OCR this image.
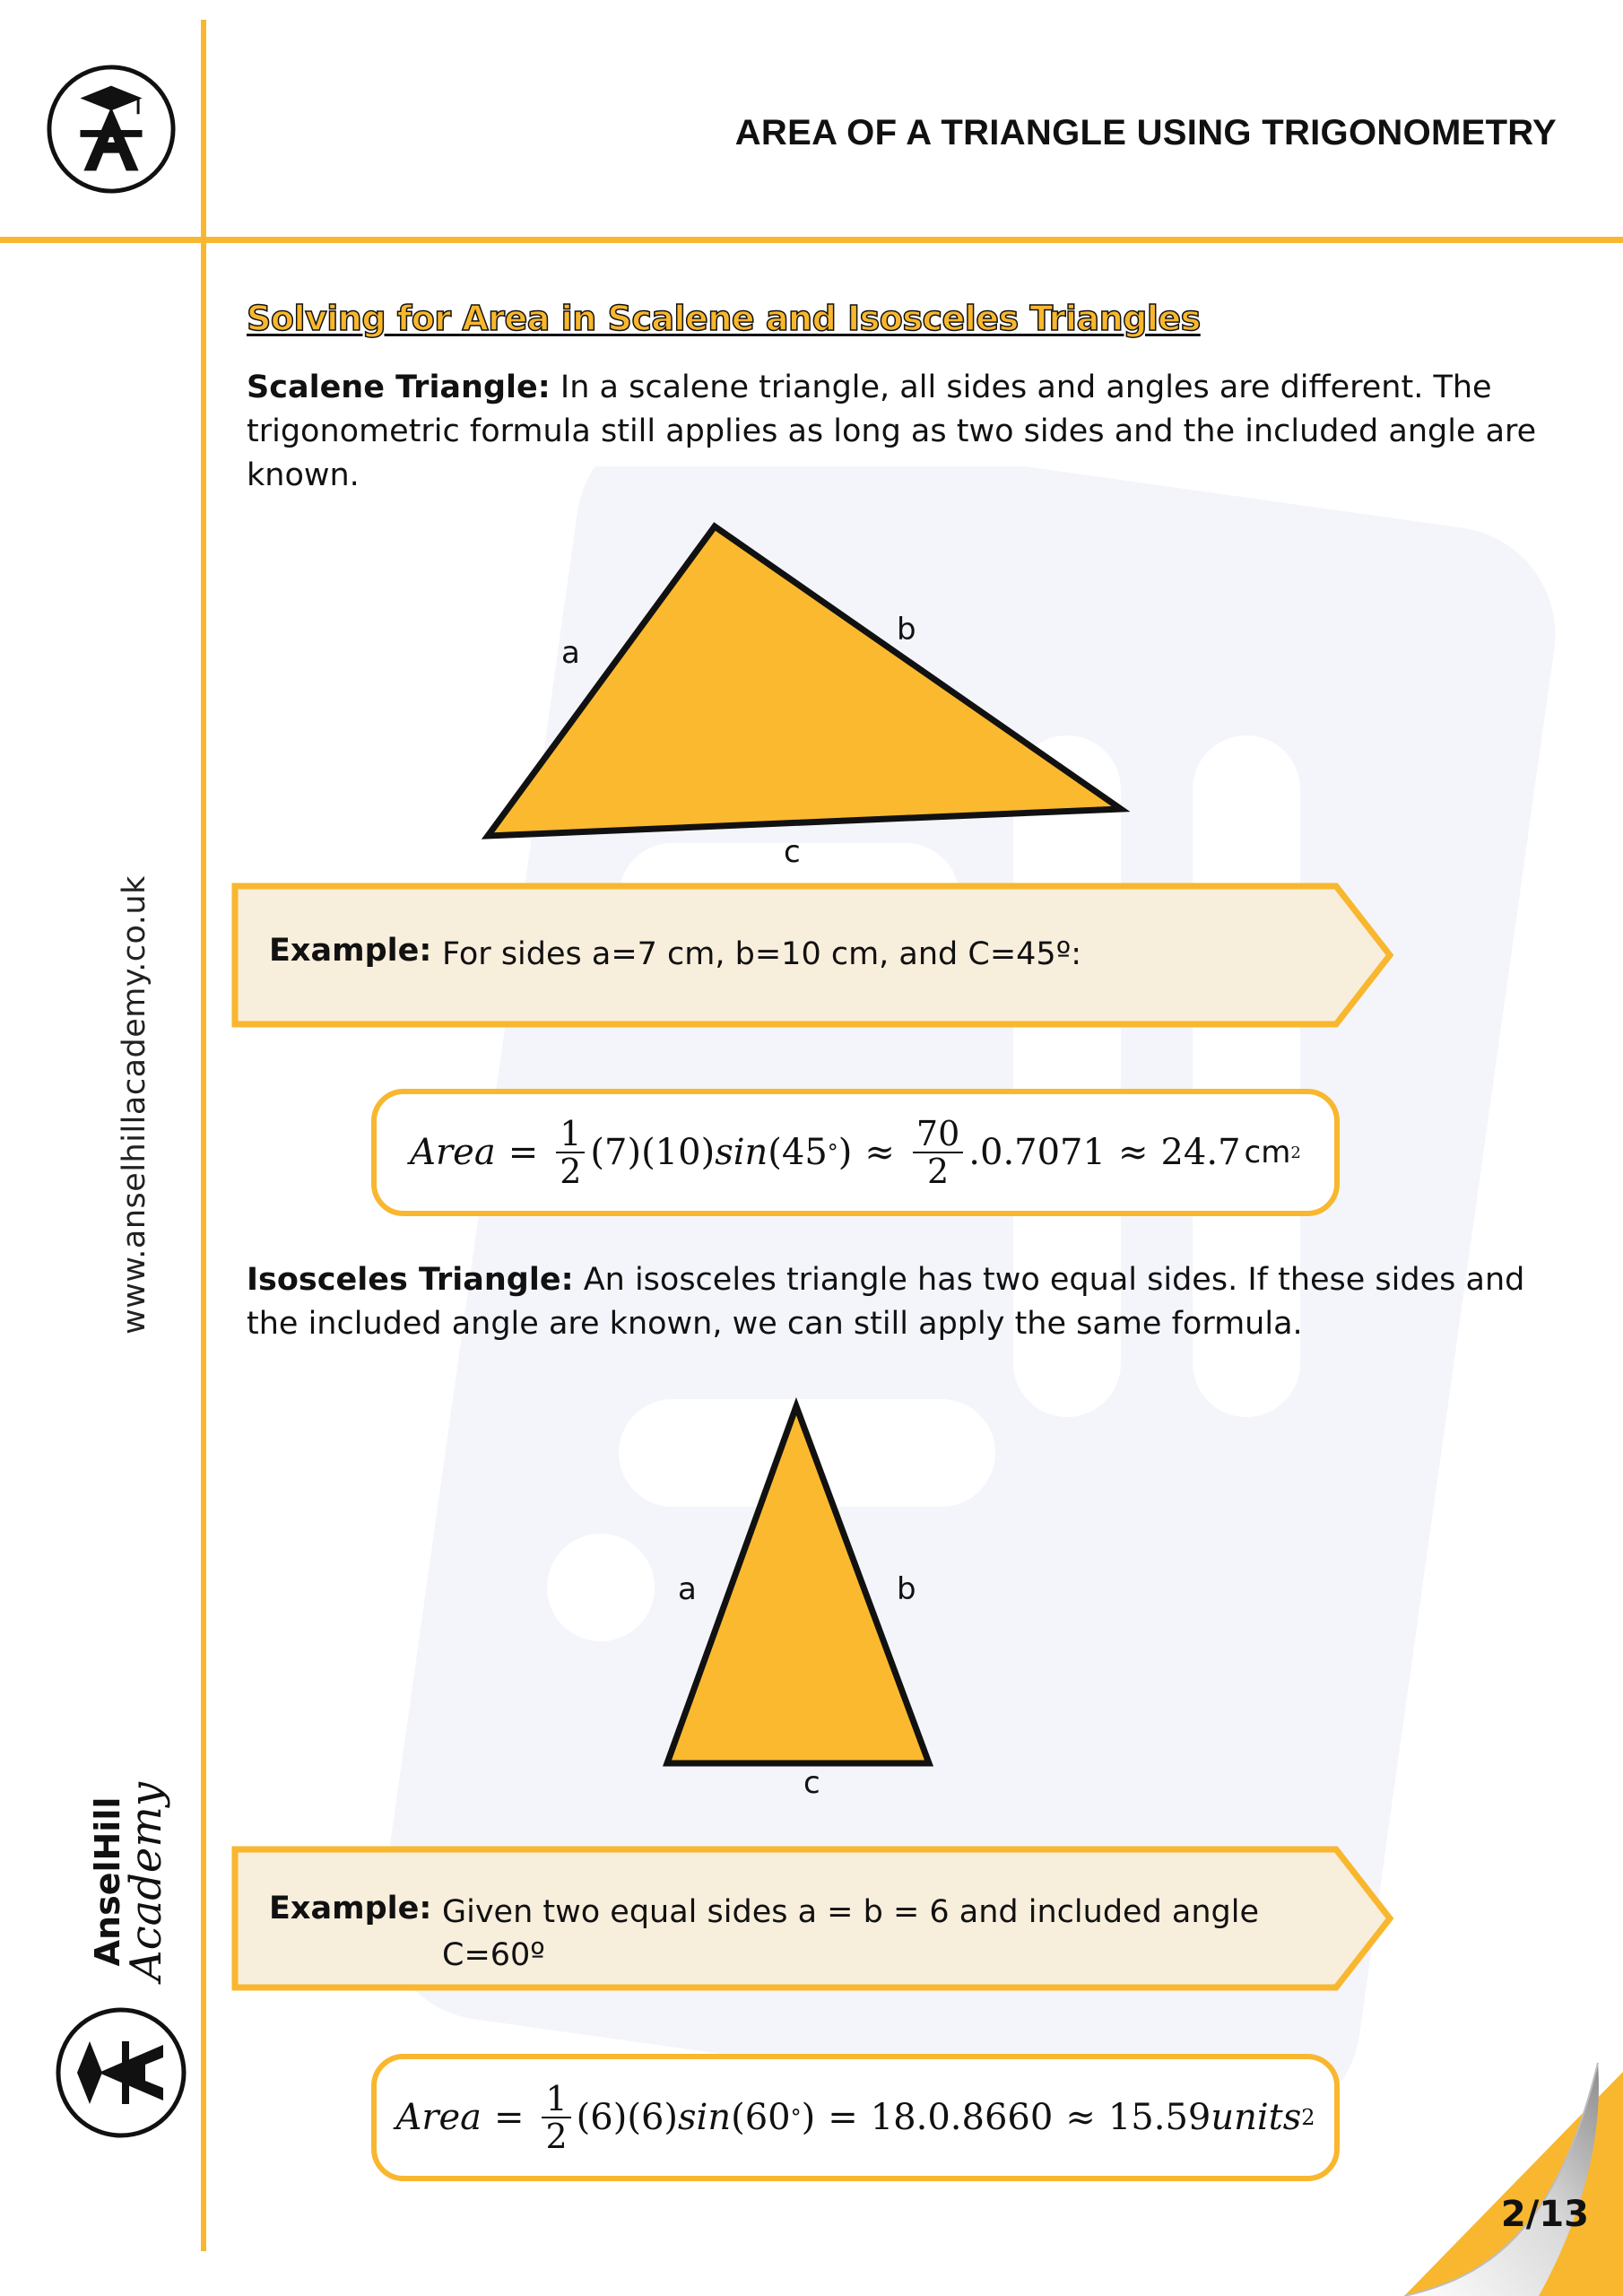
AREA OF A TRIANGLE USING TRIGONOMETRY
www.anselhillacademy.co.uk
AnselHill
Academy
Solving for Area in Scalene and Isosceles Triangles
Scalene Triangle: In a scalene triangle, all sides and angles are different. The trigonometric formula still applies as long as two sides and the included angle are known.
a
b
c
Example: For sides a=7 cm, b=10 cm, and C=45º:
Area = $\frac{1}{2} (7)(10)$ sin (45 ° ) ≈ $\frac{70}{2} .0.7071 \approx 24.7$ cm 2
Isosceles Triangle: An isosceles triangle has two equal sides. If these sides and the included angle are known, we can still apply the same formula.
a	b
c
Example: Given two equal sides a = b = 6 and included angle C=60º
Area = $\frac{1}{2} (6)(6)$ sin (60 ° ) = 18.0.8660 ≈ 15.59 units 2
2/13
